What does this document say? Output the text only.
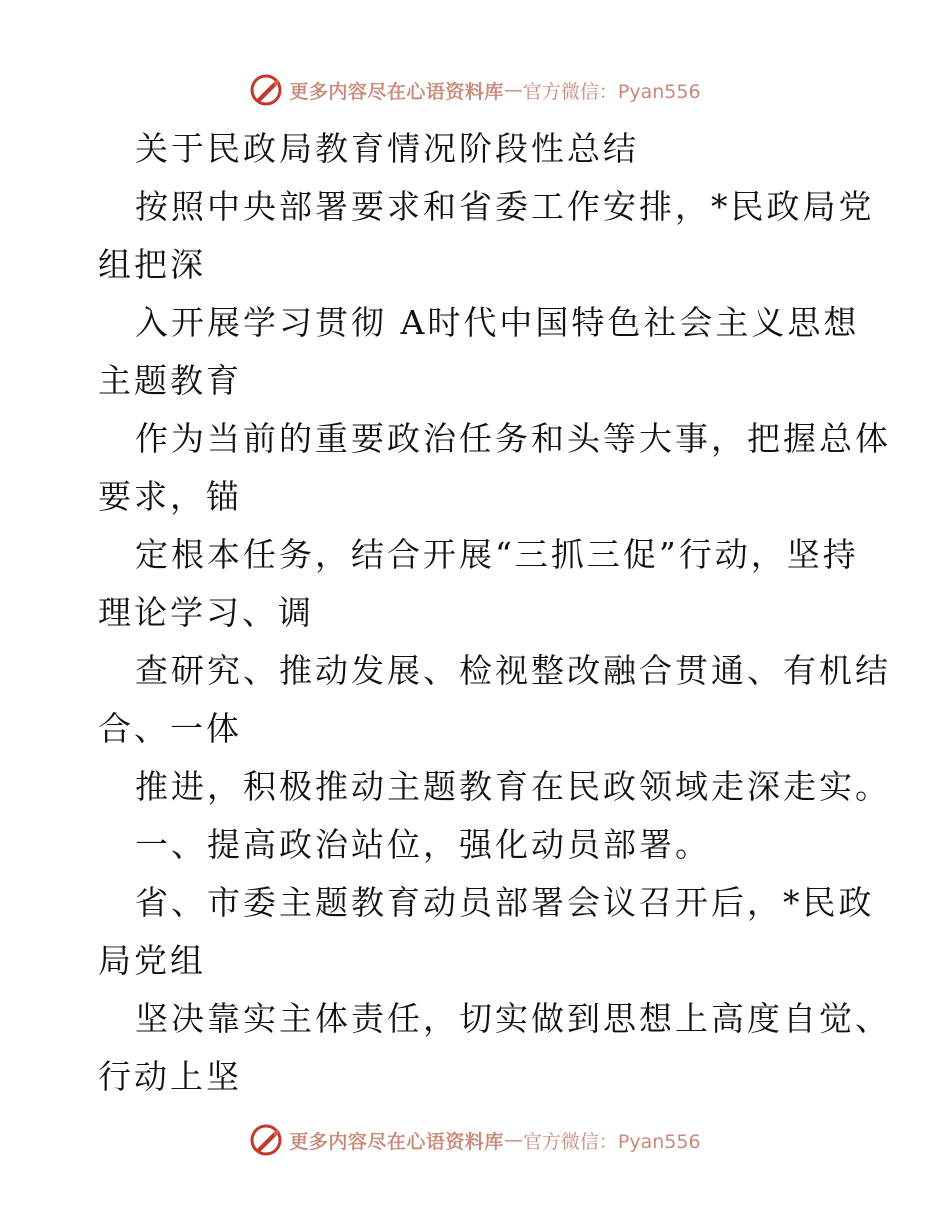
更多内容尽在心语资料库 — 官方微信：Pyan556
关于民政局教育情况阶段性总结
按照中央部署要求和省委工作安排，*民政局党
组把深
入开展学习贯彻 A时代中国特色社会主义思想
主题教育
作为当前的重要政治任务和头等大事，把握总体
要求，锚
定根本任务，结合开展“三抓三促”行动，坚持
理论学习、调
查研究、推动发展、检视整改融合贯通、有机结
合、一体
推进，积极推动主题教育在民政领域走深走实。
一、提高政治站位，强化动员部署。
省、市委主题教育动员部署会议召开后，*民政
局党组
坚决靠实主体责任，切实做到思想上高度自觉、
行动上坚
更多内容尽在心语资料库 — 官方微信：Pyan556
